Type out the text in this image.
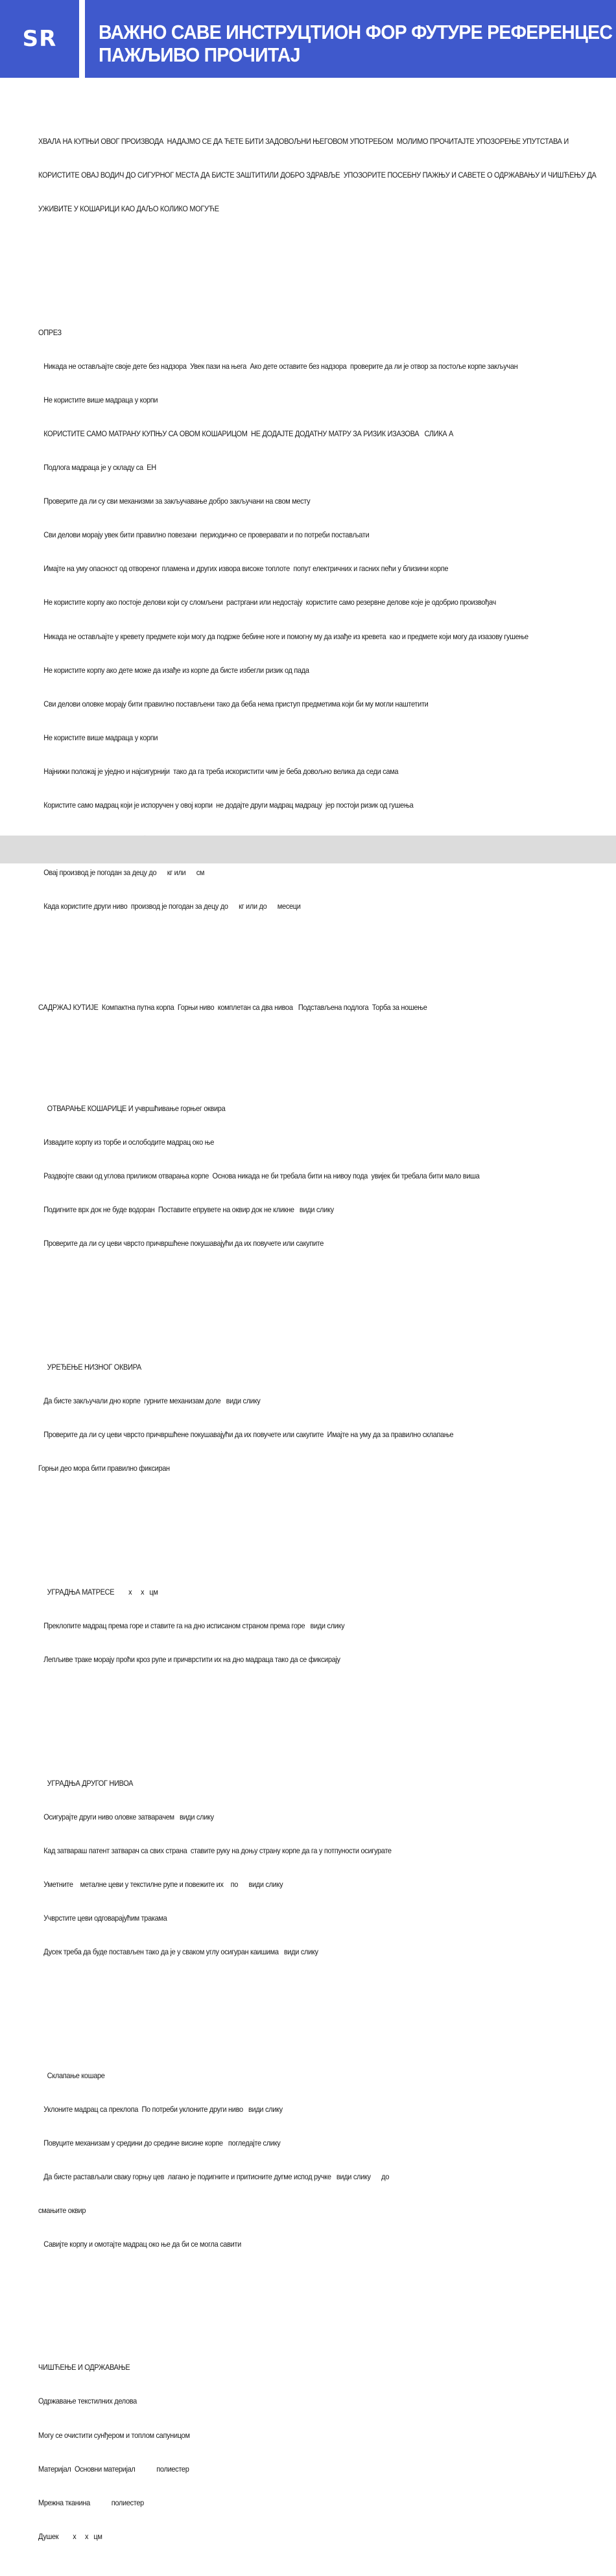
SR	ВАЖНО САВЕ ИНСТРУЦТИОН ФОР ФУТУРЕ РЕФЕРЕНЦЕС
ПАЖЉИВО ПРОЧИТАЈ

ХВАЛА НА КУПЊИ ОВОГ ПРОИЗВОДА  НАДАЈМО СЕ ДА ЋЕТЕ БИТИ ЗАДОВОЉНИ ЊЕГОВОМ УПОТРЕБОМ  МОЛИМО ПРОЧИТАЈТЕ УПОЗОРЕЊЕ УПУТСТАВА И

КОРИСТИТЕ ОВАЈ ВОДИЧ ДО СИГУРНОГ МЕСТА ДА БИСТЕ ЗАШТИТИЛИ ДОБРО ЗДРАВЉЕ  УПОЗОРИТЕ ПОСЕБНУ ПАЖЊУ И САВЕТЕ О ОДРЖАВАЊУ И ЧИШЋЕЊУ ДА

УЖИВИТЕ У КОШАРИЦИ КАО ДАЉО КОЛИКО МОГУЋЕ

ОПРЕЗ

Никада не остављајте своје дете без надзора  Увек пази на њега  Ако дете оставите без надзора  проверите да ли је отвор за постоље корпе закључан

Не користите више мадраца у корпи

КОРИСТИТЕ САМО МАТРАНУ КУПЊУ СА ОВОМ КОШАРИЦОМ  НЕ ДОДАЈТЕ ДОДАТНУ МАТРУ ЗА РИЗИК ИЗАЗОВА   СЛИКА А

Подлога мадраца је у складу са  ЕН

Проверите да ли су сви механизми за закључавање добро закључани на свом месту

Сви делови морају увек бити правилно повезани  периодично се проверавати и по потреби постављати

Имајте на уму опасност од отвореног пламена и других извора високе топлоте  попут електричних и гасних пећи у близини корпе

Не користите корпу ако постоје делови који су сломљени  растргани или недостају  користите само резервне делове које је одобрио произвођач

Никада не остављајте у кревету предмете који могу да подрже бебине ноге и помогну му да изађе из кревета  као и предмете који могу да изазову гушење

Не користите корпу ако дете може да изађе из корпе да бисте избегли ризик од пада

Сви делови оловке морају бити правилно постављени тако да беба нема приступ предметима који би му могли наштетити

Не користите више мадраца у корпи

Најнижи положај је уједно и најсигурнији  тако да га треба искористити чим је беба довољно велика да седи сама

Користите само мадрац који је испоручен у овој корпи  не додајте други мадрац мадрацу  јер постоји ризик од гушења

Овај производ је погодан за децу до      кг или      см

Када користите други ниво  производ је погодан за децу до      кг или до      месеци

САДРЖАЈ КУТИЈЕ  Компактна путна корпа  Горњи ниво  комплетан са два нивоа   Подстављена подлога  Торба за ношење

ОТВАРАЊЕ КОШАРИЦЕ И учвршћивање горњег оквира

Извадите корпу из торбе и ослободите мадрац око ње

Раздвојте сваки од углова приликом отварања корпе  Основа никада не би требала бити на нивоу пода  увијек би требала бити мало виша

Подигните врх док не буде водоран  Поставите епрувете на оквир док не кликне   види слику

Проверите да ли су цеви чврсто причвршћене покушавајући да их повучете или сакупите

УРЕЂЕЊЕ НИЗНОГ ОКВИРА

Да бисте закључали дно корпе  гурните механизам доле   види слику

Проверите да ли су цеви чврсто причвршћене покушавајући да их повучете или сакупите  Имајте на уму да за правилно склапање

Горњи део мора бити правилно фиксиран

УГРАДЊА МАТРЕСЕ        х     х   цм

Преклопите мадрац према горе и ставите га на дно исписаном страном према горе   види слику

Лепљиве траке морају проћи кроз рупе и причврстити их на дно мадраца тако да се фиксирају

УГРАДЊА ДРУГОГ НИВОА

Осигурајте други ниво оловке затварачем   види слику

Кад затвараш патент затварач са свих страна  ставите руку на доњу страну корпе да га у потпуности осигурате

Уметните    металне цеви у текстилне рупе и повежите их    по      види слику

Учврстите цеви одговарајућим тракама

Дусек треба да буде постављен тако да је у сваком углу осигуран каишима   види слику

Склапање кошаре

Уклоните мадрац са преклопа  По потреби уклоните други ниво   види слику

Повуците механизам у средини до средине висине корпе   погледајте слику

Да бисте растављали сваку горњу цев  лагано је подигните и притисните дугме испод ручке   види слику      до

смањите оквир

Савијте корпу и омотајте мадрац око ње да би се могла савити

ЧИШЋЕЊЕ И ОДРЖАВАЊЕ

Одржавање текстилних делова

Могу се очистити сунђером и топлом сапуницом

Материјал  Основни материјал            полиестер

Мрежна тканина            полиестер

Душек        х     х   цм
